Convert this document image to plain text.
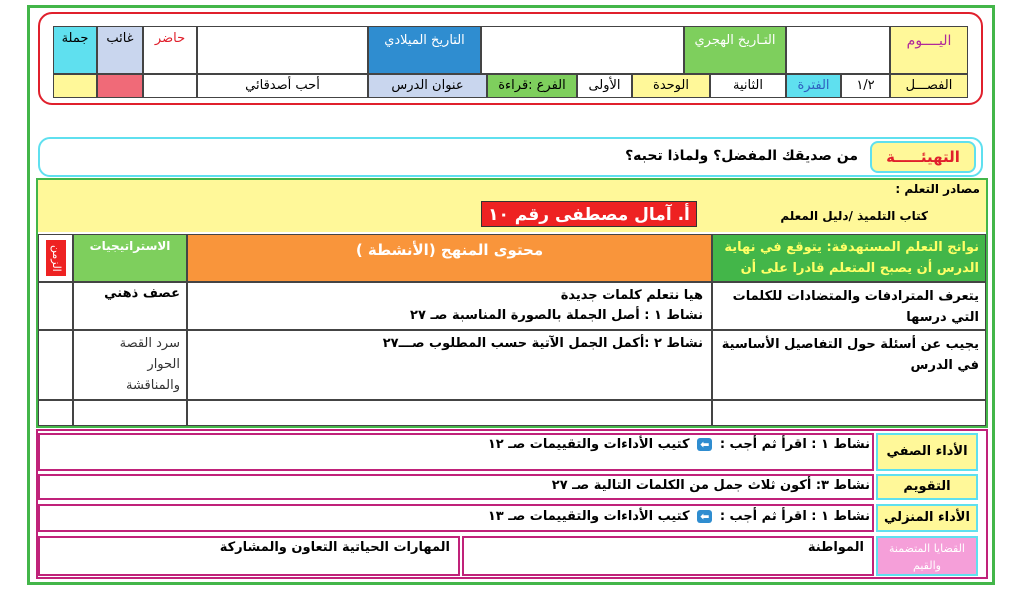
اليــــوم
التـاريخ الهجري
التاريخ الميلادي
حاضر
غائب
جملة
الفصـــل
١/٢
الفترة
الثانية
الوحدة
الأولى
الفرع :قراءة
عنوان الدرس
أحب أصدقائي
التهيئـــــة
من صديقك المفضل؟ ولماذا تحبه؟
مصادر التعلم :
كتاب التلميذ /دليل المعلم
أ. آمال مصطفى رقم ١٠
نواتج التعلم المستهدفة: يتوقع في نهاية الدرس أن يصبح المتعلم قادرا على أن
محتوى المنهج (الأنشطة )
الاستراتيجيات
الزمن
يتعرف المترادفات والمتضادات للكلمات التي درسها
هيا نتعلم كلمات جديدة
نشاط ١ : أصل الجملة بالصورة المناسبة صـ ٢٧
عصف ذهني
يجيب عن أسئلة حول التفاصيل الأساسية في الدرس
نشاط ٢ :أكمل الجمل الآتية حسب المطلوب صـــ٢٧
سرد القصة
الحوار
والمناقشة
الأداء الصفي
نشاط ١ : اقرأ ثم أجب : ⬅ كتيب الأداءات والتقييمات صـ ١٢
التقويم
نشاط ٣: أكون ثلاث جمل من الكلمات التالية صـ ٢٧
الأداء المنزلي
نشاط ١ : اقرأ ثم أجب : ⬅ كتيب الأداءات والتقييمات صـ ١٣
القضايا المتضمنة والقيم
المواطنة
المهارات الحياتية التعاون والمشاركة
